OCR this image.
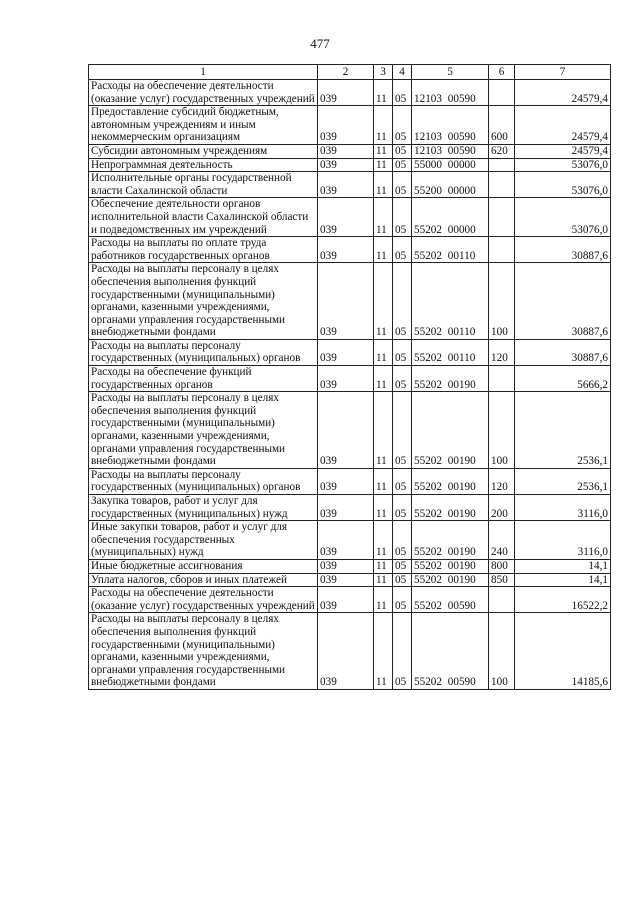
477
1	2	3	4	5	6	7
Расходы на обеспечение деятельности (оказание услуг) государственных учреждений	039	11	05	12103 00590		24579,4
Предоставление субсидий бюджетным, автономным учреждениям и иным некоммерческим организациям	039	11	05	12103 00590	600	24579,4
Субсидии автономным учреждениям	039	11	05	12103 00590	620	24579,4
Непрограммная деятельность	039	11	05	55000 00000		53076,0
Исполнительные органы государственной власти Сахалинской области	039	11	05	55200 00000		53076,0
Обеспечение деятельности органов исполнительной власти Сахалинской области и подведомственных им учреждений	039	11	05	55202 00000		53076,0
Расходы на выплаты по оплате труда работников государственных органов	039	11	05	55202 00110		30887,6
Расходы на выплаты персоналу в целях обеспечения выполнения функций государственными (муниципальными) органами, казенными учреждениями, органами управления государственными внебюджетными фондами	039	11	05	55202 00110	100	30887,6
Расходы на выплаты персоналу государственных (муниципальных) органов	039	11	05	55202 00110	120	30887,6
Расходы на обеспечение функций государственных органов	039	11	05	55202 00190		5666,2
Расходы на выплаты персоналу в целях обеспечения выполнения функций государственными (муниципальными) органами, казенными учреждениями, органами управления государственными внебюджетными фондами	039	11	05	55202 00190	100	2536,1
Расходы на выплаты персоналу государственных (муниципальных) органов	039	11	05	55202 00190	120	2536,1
Закупка товаров, работ и услуг для государственных (муниципальных) нужд	039	11	05	55202 00190	200	3116,0
Иные закупки товаров, работ и услуг для обеспечения государственных (муниципальных) нужд	039	11	05	55202 00190	240	3116,0
Иные бюджетные ассигнования	039	11	05	55202 00190	800	14,1
Уплата налогов, сборов и иных платежей	039	11	05	55202 00190	850	14,1
Расходы на обеспечение деятельности (оказание услуг) государственных учреждений	039	11	05	55202 00590		16522,2
Расходы на выплаты персоналу в целях обеспечения выполнения функций государственными (муниципальными) органами, казенными учреждениями, органами управления государственными внебюджетными фондами	039	11	05	55202 00590	100	14185,6
